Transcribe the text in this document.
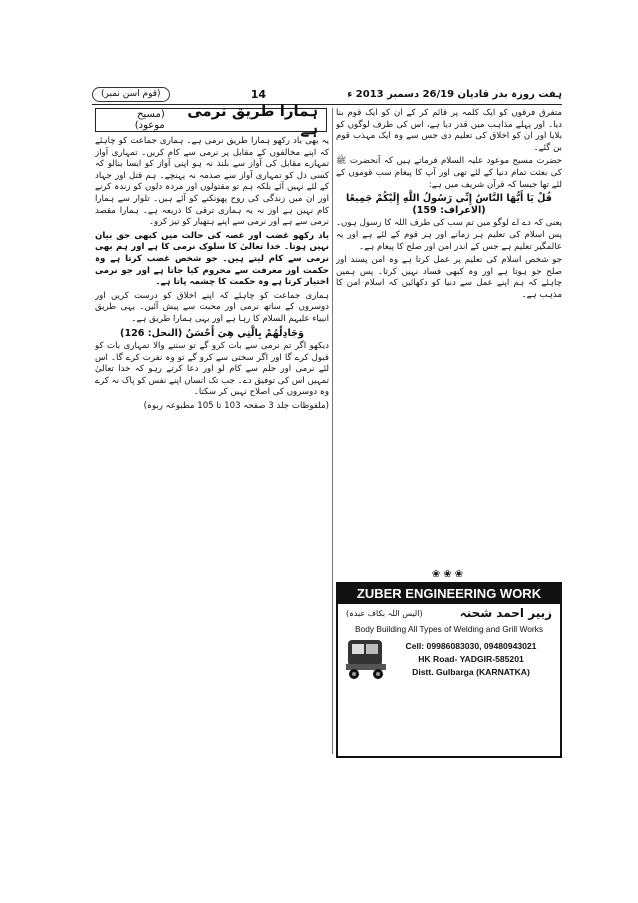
(قوم اسن نمبر)	14	ہفت روزہ بدر قادیان 26/19 دسمبر 2013 ء
ہمارا طریق نرمی ہے
(مسیح موعود)

یہ بھی یاد رکھو ہمارا طریق نرمی ہے۔ ہماری جماعت کو چاہئے کہ اپنے مخالفوں کے مقابل پر نرمی سے کام کریں۔ تمہاری آواز تمہارے مقابل کی آواز سے بلند نہ ہو اپنی آواز کو ایسا بنالو کہ کسی دل کو تمہاری آواز سے صدمہ نہ پہنچے۔ ہم قتل اور جہاد کے لئے نہیں آئے بلکہ ہم تو مقتولوں اور مردہ دلوں کو زندہ کرنے اور ان میں زندگی کی روح پھونکنے کو آئے ہیں۔ تلوار سے ہمارا کام نہیں ہے اور نہ یہ ہماری ترقی کا ذریعہ ہے۔ ہمارا مقصد نرمی سے ہے اور نرمی سے اپنے ہتھیار کو تیز کرو۔

یاد رکھو غضب اور غصہ کی حالت میں کبھی حق بیان نہیں ہوتا۔ خدا تعالیٰ کا سلوک نرمی کا ہے اور ہم بھی نرمی سے کام لیتے ہیں۔ جو شخص غضب کرتا ہے وہ حکمت اور معرفت سے محروم کیا جاتا ہے اور جو نرمی اختیار کرتا ہے وہ حکمت کا چشمہ پاتا ہے۔

ہماری جماعت کو چاہئے کہ اپنے اخلاق کو درست کریں اور دوسروں کے ساتھ نرمی اور محبت سے پیش آئیں۔ یہی طریق انبیاء علیہم السلام کا رہا ہے اور یہی ہمارا طریق ہے۔

وَجَادِلْهُمْ بِالَّتِي هِيَ أَحْسَنُ (النحل: 126)

دیکھو اگر تم نرمی سے بات کرو گے تو سننے والا تمہاری بات کو قبول کرے گا اور اگر سختی سے کرو گے تو وہ نفرت کرے گا۔ اس لئے نرمی اور حلم سے کام لو اور دعا کرتے رہو کہ خدا تعالیٰ تمہیں اس کی توفیق دے۔ جب تک انسان اپنے نفس کو پاک نہ کرے وہ دوسروں کی اصلاح نہیں کر سکتا۔

(ملفوظات جلد 3 صفحہ 103 تا 105 مطبوعہ ربوہ)

متفرق فرقوں کو ایک کلمہ پر قائم کر کے ان کو ایک قوم بنا دیا۔ اور پہلے مذاہب میں قدر دیا ہے، اس کی طرف لوگوں کو بلایا اور ان کو اخلاق کی تعلیم دی جس سے وہ ایک مہذب قوم بن گئے۔

حضرت مسیح موعود علیہ السلام فرماتے ہیں کہ آنحضرت ﷺ کی بعثت تمام دنیا کے لئے تھی اور آپ کا پیغام سب قوموں کے لئے تھا جیسا کہ قرآن شریف میں ہے:

قُلْ يَا أَيُّهَا النَّاسُ إِنِّي رَسُولُ اللَّهِ إِلَيْكُمْ جَمِيعًا (الاعراف: 159)

یعنی کہ دے اے لوگو میں تم سب کی طرف اللہ کا رسول ہوں۔ پس اسلام کی تعلیم ہر زمانے اور ہر قوم کے لئے ہے اور یہ عالمگیر تعلیم ہے جس کے اندر امن اور صلح کا پیغام ہے۔

جو شخص اسلام کی تعلیم پر عمل کرتا ہے وہ امن پسند اور صلح جو ہوتا ہے اور وہ کبھی فساد نہیں کرتا۔ پس ہمیں چاہئے کہ ہم اپنے عمل سے دنیا کو دکھائیں کہ اسلام امن کا مذہب ہے۔

❀❀❀
ZUBER ENGINEERING WORK
زبیر احمد شحنہ
(الیس اللہ بکاف عبدہ)
Body Building All Types of Welding and Grill Works
Cell: 09986083030, 09480943021
HK Road- YADGIR-585201
Distt. Gulbarga (KARNATKA)
